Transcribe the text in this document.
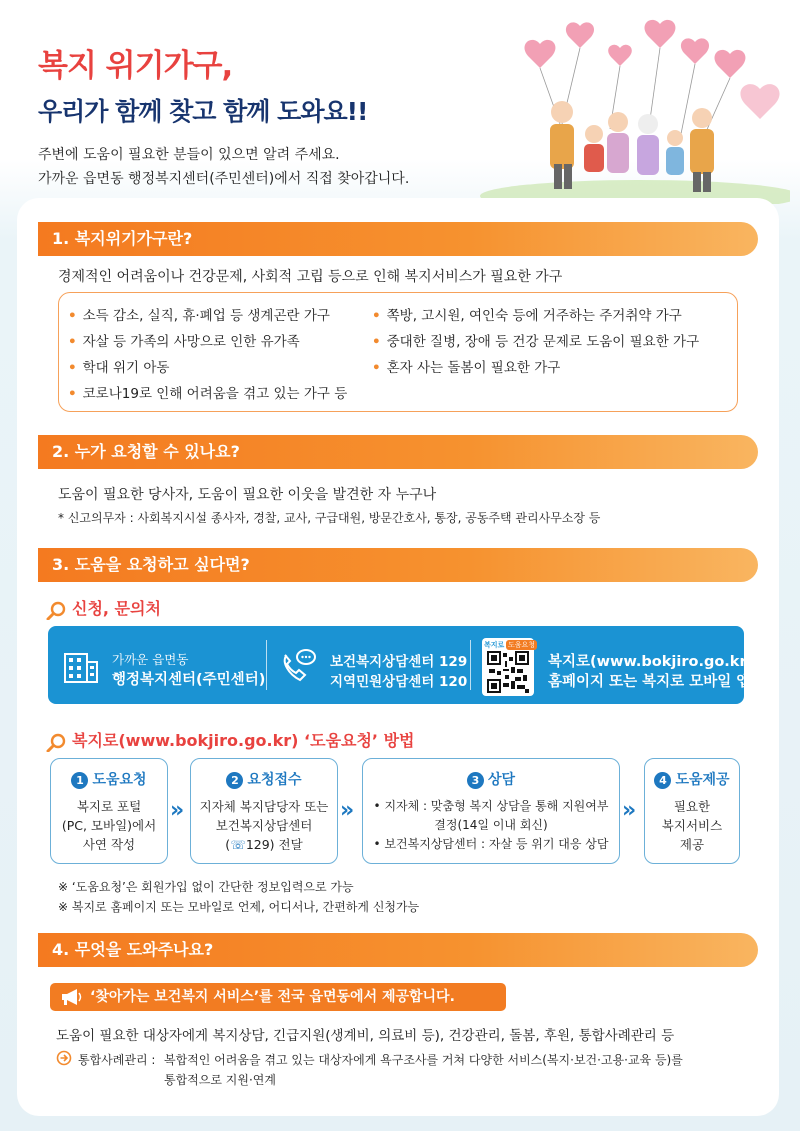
복지 위기가구,
우리가 함께 찾고 함께 도와요!!
주변에 도움이 필요한 분들이 있으면 알려 주세요.
가까운 읍면동 행정복지센터(주민센터)에서 직접 찾아갑니다.
1. 복지위기가구란?
경제적인 어려움이나 건강문제, 사회적 고립 등으로 인해 복지서비스가 필요한 가구
• 소득 감소, 실직, 휴·폐업 등 생계곤란 가구
• 자살 등 가족의 사망으로 인한 유가족
• 학대 위기 아동
• 코로나19로 인해 어려움을 겪고 있는 가구 등
• 쪽방, 고시원, 여인숙 등에 거주하는 주거취약 가구
• 중대한 질병, 장애 등 건강 문제로 도움이 필요한 가구
• 혼자 사는 돌봄이 필요한 가구
2. 누가 요청할 수 있나요?
도움이 필요한 당사자, 도움이 필요한 이웃을 발견한 자 누구나
* 신고의무자 : 사회복지시설 종사자, 경찰, 교사, 구급대원, 방문간호사, 통장, 공동주택 관리사무소장 등
3. 도움을 요청하고 싶다면?
신청, 문의처
가까운 읍면동
행정복지센터(주민센터)
보건복지상담센터 129
지역민원상담센터 120
복지로 도움요청
복지로(www.bokjiro.go.kr)
홈페이지 또는 복지로 모바일 앱
복지로(www.bokjiro.go.kr) ‘도움요청’ 방법
1 도움요청
복지로 포털
(PC, 모바일)에서
사연 작성
»
2 요청접수
지자체 복지담당자 또는
보건복지상담센터
(☏129) 전달
»
3 상담
• 지자체 : 맞춤형 복지 상담을 통해 지원여부
결정(14일 이내 회신)
• 보건복지상담센터 : 자살 등 위기 대응 상담
»
4 도움제공
필요한
복지서비스
제공
※ ‘도움요청’은 회원가입 없이 간단한 정보입력으로 가능
※ 복지로 홈페이지 또는 모바일로 언제, 어디서나, 간편하게 신청가능
4. 무엇을 도와주나요?
‘찾아가는 보건복지 서비스’를 전국 읍면동에서 제공합니다.
도움이 필요한 대상자에게 복지상담, 긴급지원(생계비, 의료비 등), 건강관리, 돌봄, 후원, 통합사례관리 등
통합사례관리 : 복합적인 어려움을 겪고 있는 대상자에게 욕구조사를 거쳐 다양한 서비스(복지·보건·고용·교육 등)를
통합적으로 지원·연계
